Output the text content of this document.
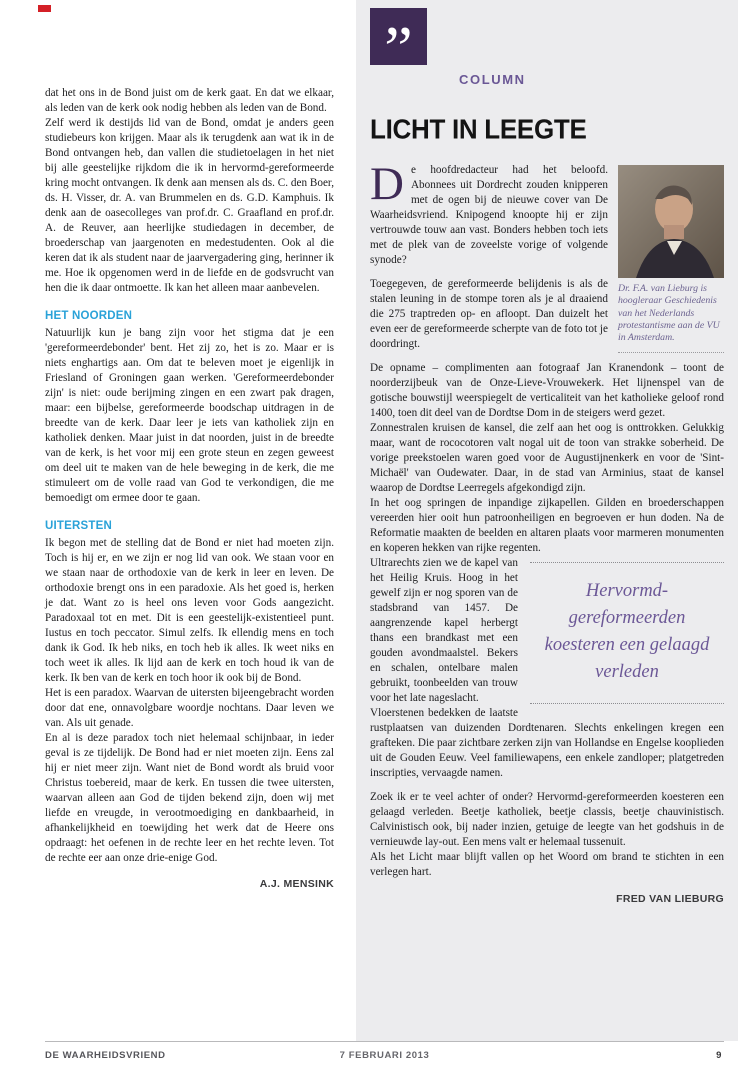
dat het ons in de Bond juist om de kerk gaat. En dat we elkaar, als leden van de kerk ook nodig hebben als leden van de Bond.

Zelf werd ik destijds lid van de Bond, omdat je anders geen studiebeurs kon krijgen. Maar als ik terugdenk aan wat ik in de Bond ontvangen heb, dan vallen die studietoelagen in het niet bij alle geestelijke rijkdom die ik in hervormd-gereformeerde kring mocht ontvangen. Ik denk aan mensen als ds. C. den Boer, ds. H. Visser, dr. A. van Brummelen en ds. G.D. Kamphuis. Ik denk aan de oasecolleges van prof.dr. C. Graafland en prof.dr. A. de Reuver, aan heerlijke studiedagen in december, de broederschap van jaargenoten en medestudenten. Ook al die keren dat ik als student naar de jaarvergadering ging, herinner ik me. Hoe ik opgenomen werd in de liefde en de godsvrucht van hen die ik daar ontmoette. Ik kan het alleen maar aanbevelen.

HET NOORDEN

Natuurlijk kun je bang zijn voor het stigma dat je een 'gereformeerdebonder' bent. Het zij zo, het is zo. Maar er is niets enghartigs aan. Om dat te beleven moet je eigenlijk in Friesland of Groningen gaan werken. 'Gereformeerdebonder zijn' is niet: oude berijming zingen en een zwart pak dragen, maar: een bijbelse, gereformeerde boodschap uitdragen in de breedte van de kerk. Daar leer je iets van katholiek zijn en katholiek denken. Maar juist in dat noorden, juist in de breedte van de kerk, is het voor mij een grote steun en zegen geweest om deel uit te maken van de hele beweging in de kerk, die me stimuleert om de volle raad van God te verkondigen, die me bemoedigt om ermee door te gaan.

UITERSTEN

Ik begon met de stelling dat de Bond er niet had moeten zijn. Toch is hij er, en we zijn er nog lid van ook. We staan voor en we staan naar de orthodoxie van de kerk in leer en leven. De orthodoxie brengt ons in een paradoxie. Als het goed is, herken je dat. Want zo is heel ons leven voor Gods aangezicht. Paradoxaal tot en met. Dit is een geestelijk-existentieel punt. Iustus en toch peccator. Simul zelfs. Ik ellendig mens en toch dank ik God. Ik heb niks, en toch heb ik alles. Ik weet niks en toch weet ik alles. Ik lijd aan de kerk en toch houd ik van de kerk. Ik ben van de kerk en toch hoor ik ook bij de Bond.

Het is een paradox. Waarvan de uitersten bijeengebracht worden door dat ene, onnavolgbare woordje nochtans. Daar leven we van. Als uit genade.

En al is deze paradox toch niet helemaal schijnbaar, in ieder geval is ze tijdelijk. De Bond had er niet moeten zijn. Eens zal hij er niet meer zijn. Want niet de Bond wordt als bruid voor Christus toebereid, maar de kerk. En tussen die twee uitersten, waarvan alleen aan God de tijden bekend zijn, doen wij met liefde en vreugde, in verootmoediging en dankbaarheid, in afhankelijkheid en toewijding het werk dat de Heere ons opdraagt: het oefenen in de rechte leer en het rechte leven. Tot de rechte eer aan onze drie-enige God.

A.J. MENSINK
”	COLUMN
LICHT IN LEEGTE
Dr. F.A. van Lieburg is hoogleraar Geschiedenis van het Nederlands protestantisme aan de VU in Amsterdam.

De hoofdredacteur had het beloofd. Abonnees uit Dordrecht zouden knipperen met de ogen bij de nieuwe cover van De Waarheidsvriend. Knipogend knoopte hij er zijn vertrouwde touw aan vast. Bonders hebben toch iets met de plek van de zoveelste vorige of volgende synode?

Toegegeven, de gereformeerde belijdenis is als de stalen leuning in de stompe toren als je al draaiend die 275 traptreden op- en afloopt. Dan duizelt het even eer de gereformeerde scherpte van de foto tot je doordringt.

De opname – complimenten aan fotograaf Jan Kranendonk – toont de noorderzijbeuk van de Onze-Lieve-Vrouwekerk. Het lijnenspel van de gotische bouwstijl weerspiegelt de verticaliteit van het katholieke geloof rond 1400, toen dit deel van de Dordtse Dom in de steigers werd gezet.

Zonnestralen kruisen de kansel, die zelf aan het oog is onttrokken. Gelukkig maar, want de rococotoren valt nogal uit de toon van strakke soberheid. De vorige preekstoelen waren goed voor de Augustijnenkerk en voor de 'Sint-Michaël' van Oudewater. Daar, in de stad van Arminius, staat de kansel waarop de Dordtse Leerregels afgekondigd zijn.

In het oog springen de inpandige zijkapellen. Gilden en broederschappen vereerden hier ooit hun patroonheiligen en begroeven er hun doden. Na de Reformatie maakten de beelden en altaren plaats voor marmeren monumenten en koperen hekken van rijke regenten.

Hervormd-gereformeerden koesteren een gelaagd verleden

Ultrarechts zien we de kapel van het Heilig Kruis. Hoog in het gewelf zijn er nog sporen van de stadsbrand van 1457. De aangrenzende kapel herbergt thans een brandkast met een gouden avondmaalstel. Bekers en schalen, ontelbare malen gebruikt, toonbeelden van trouw voor het late nageslacht.

Vloerstenen bedekken de laatste rustplaatsen van duizenden Dordtenaren. Slechts enkelingen kregen een grafteken. Die paar zichtbare zerken zijn van Hollandse en Engelse kooplieden uit de Gouden Eeuw. Veel familiewapens, een enkele zandloper; platgetreden inscripties, vervaagde namen.

Zoek ik er te veel achter of onder? Hervormd-gereformeerden koesteren een gelaagd verleden. Beetje katholiek, beetje classis, beetje chauvinistisch. Calvinistisch ook, bij nader inzien, getuige de leegte van het godshuis in de vernieuwde lay-out. Een mens valt er helemaal tussenuit.

Als het Licht maar blijft vallen op het Woord om brand te stichten in een verlegen hart.

FRED VAN LIEBURG
DE WAARHEIDSVRIEND	7 FEBRUARI 2013	9
